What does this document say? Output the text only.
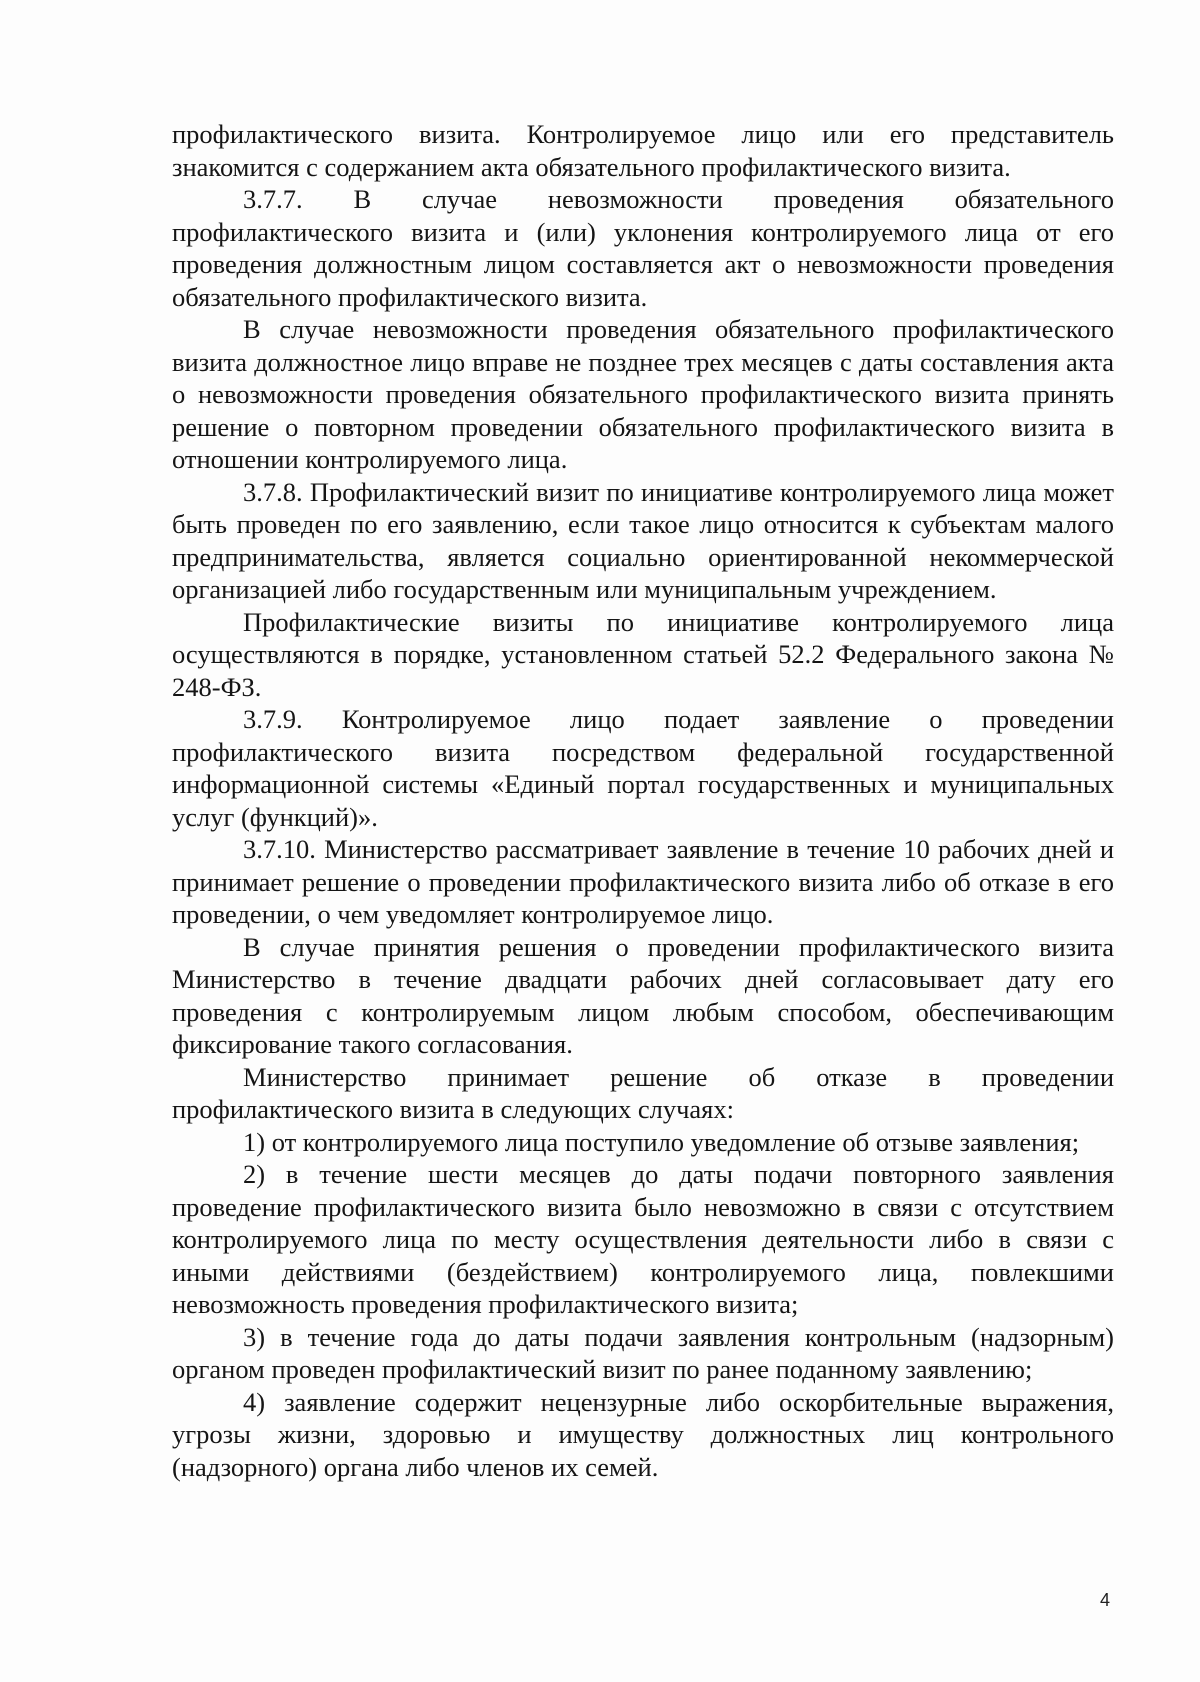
профилактического визита. Контролируемое лицо или его представитель знакомится с содержанием акта обязательного профилактического визита.

3.7.7. В случае невозможности проведения обязательного профилактического визита и (или) уклонения контролируемого лица от его проведения должностным лицом составляется акт о невозможности проведения обязательного профилактического визита.

В случае невозможности проведения обязательного профилактического визита должностное лицо вправе не позднее трех месяцев с даты составления акта о невозможности проведения обязательного профилактического визита принять решение о повторном проведении обязательного профилактического визита в отношении контролируемого лица.

3.7.8. Профилактический визит по инициативе контролируемого лица может быть проведен по его заявлению, если такое лицо относится к субъектам малого предпринимательства, является социально ориентированной некоммерческой организацией либо государственным или муниципальным учреждением.

Профилактические визиты по инициативе контролируемого лица осуществляются в порядке, установленном статьей 52.2 Федерального закона № 248-ФЗ.

3.7.9. Контролируемое лицо подает заявление о проведении профилактического визита посредством федеральной государственной информационной системы «Единый портал государственных и муниципальных услуг (функций)».

3.7.10. Министерство рассматривает заявление в течение 10 рабочих дней и принимает решение о проведении профилактического визита либо об отказе в его проведении, о чем уведомляет контролируемое лицо.

В случае принятия решения о проведении профилактического визита Министерство в течение двадцати рабочих дней согласовывает дату его проведения с контролируемым лицом любым способом, обеспечивающим фиксирование такого согласования.

Министерство принимает решение об отказе в проведении профилактического визита в следующих случаях:

1) от контролируемого лица поступило уведомление об отзыве заявления;

2) в течение шести месяцев до даты подачи повторного заявления проведение профилактического визита было невозможно в связи с отсутствием контролируемого лица по месту осуществления деятельности либо в связи с иными действиями (бездействием) контролируемого лица, повлекшими невозможность проведения профилактического визита;

3) в течение года до даты подачи заявления контрольным (надзорным) органом проведен профилактический визит по ранее поданному заявлению;

4) заявление содержит нецензурные либо оскорбительные выражения, угрозы жизни, здоровью и имуществу должностных лиц контрольного (надзорного) органа либо членов их семей.

4
